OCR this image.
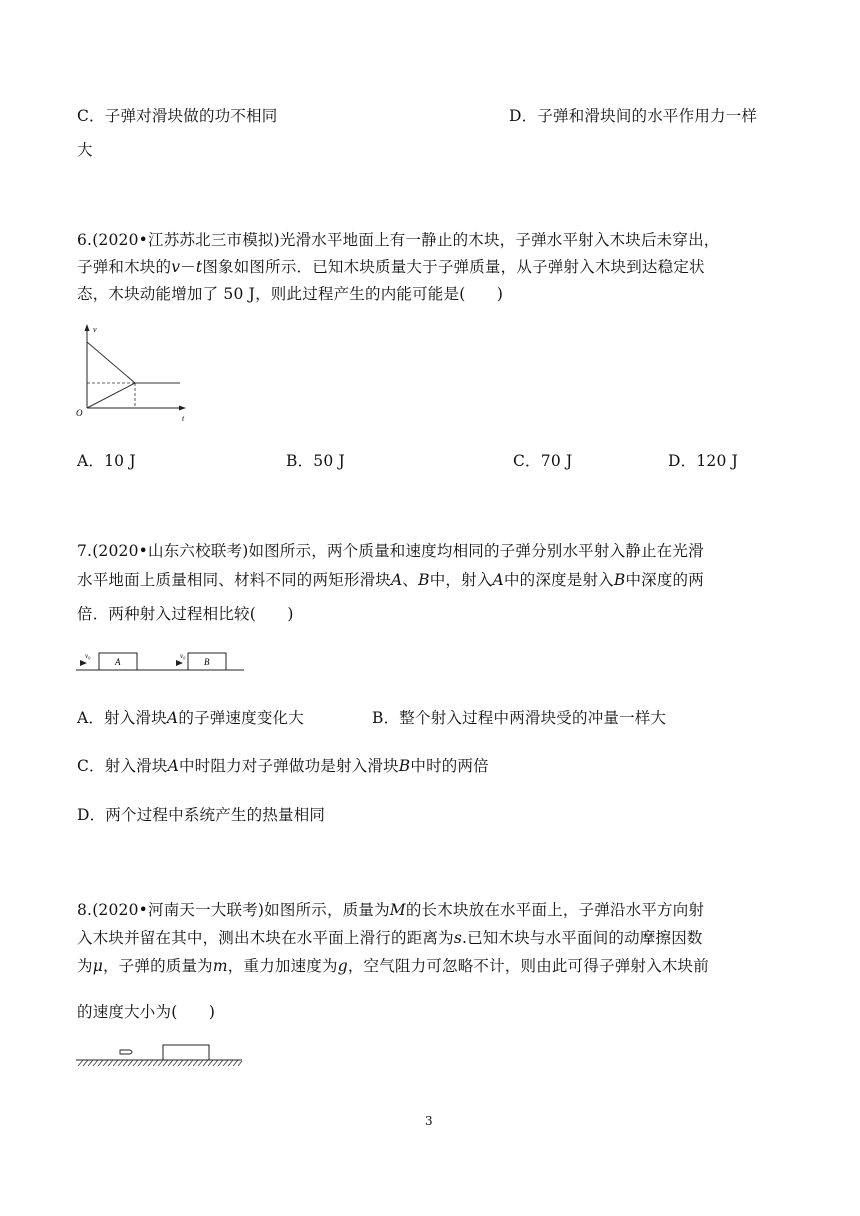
C．子弹对滑块做的功不相同	D．子弹和滑块间的水平作用力一样
大
6.(2020•江苏苏北三市模拟)光滑水平地面上有一静止的木块，子弹水平射入木块后未穿出，
子弹和木块的v－t图象如图所示．已知木块质量大于子弹质量，从子弹射入木块到达稳定状
态，木块动能增加了 50 J，则此过程产生的内能可能是(　　)
v
t
O
A．10 J	B．50 J	C．70 J	D．120 J
7.(2020•山东六校联考)如图所示，两个质量和速度均相同的子弹分别水平射入静止在光滑
水平地面上质量相同、材料不同的两矩形滑块A、B中，射入A中的深度是射入B中深度的两
倍．两种射入过程相比较(　　)
v₀
A
v₀
B
A．射入滑块A的子弹速度变化大	B．整个射入过程中两滑块受的冲量一样大
C．射入滑块A中时阻力对子弹做功是射入滑块B中时的两倍
D．两个过程中系统产生的热量相同
8.(2020•河南天一大联考)如图所示，质量为M的长木块放在水平面上，子弹沿水平方向射
入木块并留在其中，测出木块在水平面上滑行的距离为s.已知木块与水平面间的动摩擦因数
为μ，子弹的质量为m，重力加速度为g，空气阻力可忽略不计，则由此可得子弹射入木块前
的速度大小为(　　)
3
